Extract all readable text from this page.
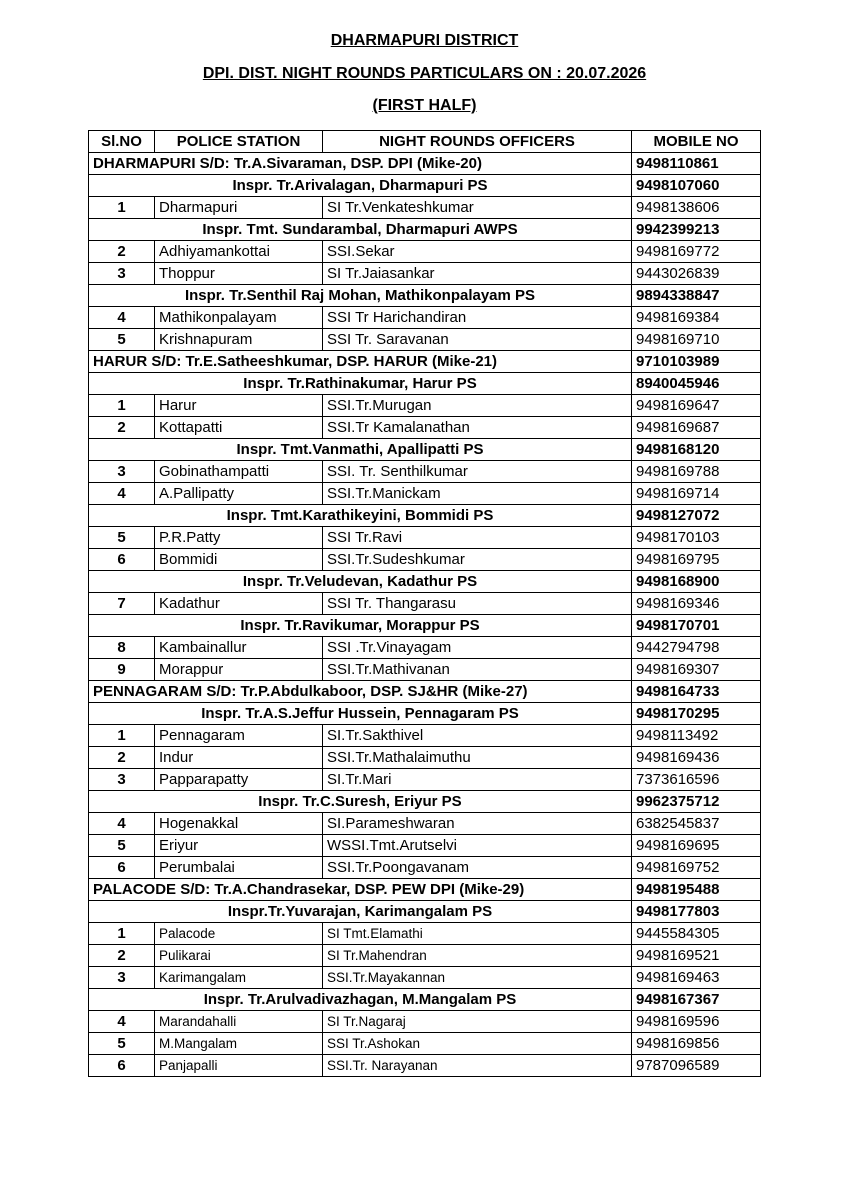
DHARMAPURI DISTRICT
DPI. DIST. NIGHT ROUNDS PARTICULARS ON : 20.07.2026
(FIRST HALF)
Sl.NO	POLICE STATION	NIGHT ROUNDS OFFICERS	MOBILE NO
DHARMAPURI S/D: Tr.A.Sivaraman, DSP. DPI (Mike-20)			9498110861
Inspr. Tr.Arivalagan, Dharmapuri PS			9498107060
1	Dharmapuri	SI Tr.Venkateshkumar	9498138606
Inspr. Tmt. Sundarambal, Dharmapuri AWPS			9942399213
2	Adhiyamankottai	SSI.Sekar	9498169772
3	Thoppur	SI Tr.Jaiasankar	9443026839
Inspr. Tr.Senthil Raj Mohan, Mathikonpalayam PS			9894338847
4	Mathikonpalayam	SSI Tr Harichandiran	9498169384
5	Krishnapuram	SSI Tr. Saravanan	9498169710
HARUR S/D: Tr.E.Satheeshkumar, DSP. HARUR (Mike-21)			9710103989
Inspr. Tr.Rathinakumar, Harur PS			8940045946
1	Harur	SSI.Tr.Murugan	9498169647
2	Kottapatti	SSI.Tr Kamalanathan	9498169687
Inspr. Tmt.Vanmathi, Apallipatti PS			9498168120
3	Gobinathampatti	SSI. Tr. Senthilkumar	9498169788
4	A.Pallipatty	SSI.Tr.Manickam	9498169714
Inspr. Tmt.Karathikeyini, Bommidi PS			9498127072
5	P.R.Patty	SSI Tr.Ravi	9498170103
6	Bommidi	SSI.Tr.Sudeshkumar	9498169795
Inspr. Tr.Veludevan, Kadathur PS			9498168900
7	Kadathur	SSI Tr. Thangarasu	9498169346
Inspr. Tr.Ravikumar, Morappur PS			9498170701
8	Kambainallur	SSI .Tr.Vinayagam	9442794798
9	Morappur	SSI.Tr.Mathivanan	9498169307
PENNAGARAM S/D: Tr.P.Abdulkaboor, DSP. SJ&HR (Mike-27)			9498164733
Inspr. Tr.A.S.Jeffur Hussein, Pennagaram PS			9498170295
1	Pennagaram	SI.Tr.Sakthivel	9498113492
2	Indur	SSI.Tr.Mathalaimuthu	9498169436
3	Papparapatty	SI.Tr.Mari	7373616596
Inspr. Tr.C.Suresh, Eriyur PS			9962375712
4	Hogenakkal	SI.Parameshwaran	6382545837
5	Eriyur	WSSI.Tmt.Arutselvi	9498169695
6	Perumbalai	SSI.Tr.Poongavanam	9498169752
PALACODE S/D: Tr.A.Chandrasekar, DSP. PEW DPI (Mike-29)			9498195488
Inspr.Tr.Yuvarajan, Karimangalam PS			9498177803
1	Palacode	SI Tmt.Elamathi	9445584305
2	Pulikarai	SI Tr.Mahendran	9498169521
3	Karimangalam	SSI.Tr.Mayakannan	9498169463
Inspr. Tr.Arulvadivazhagan, M.Mangalam PS			9498167367
4	Marandahalli	SI Tr.Nagaraj	9498169596
5	M.Mangalam	SSI Tr.Ashokan	9498169856
6	Panjapalli	SSI.Tr. Narayanan	9787096589
